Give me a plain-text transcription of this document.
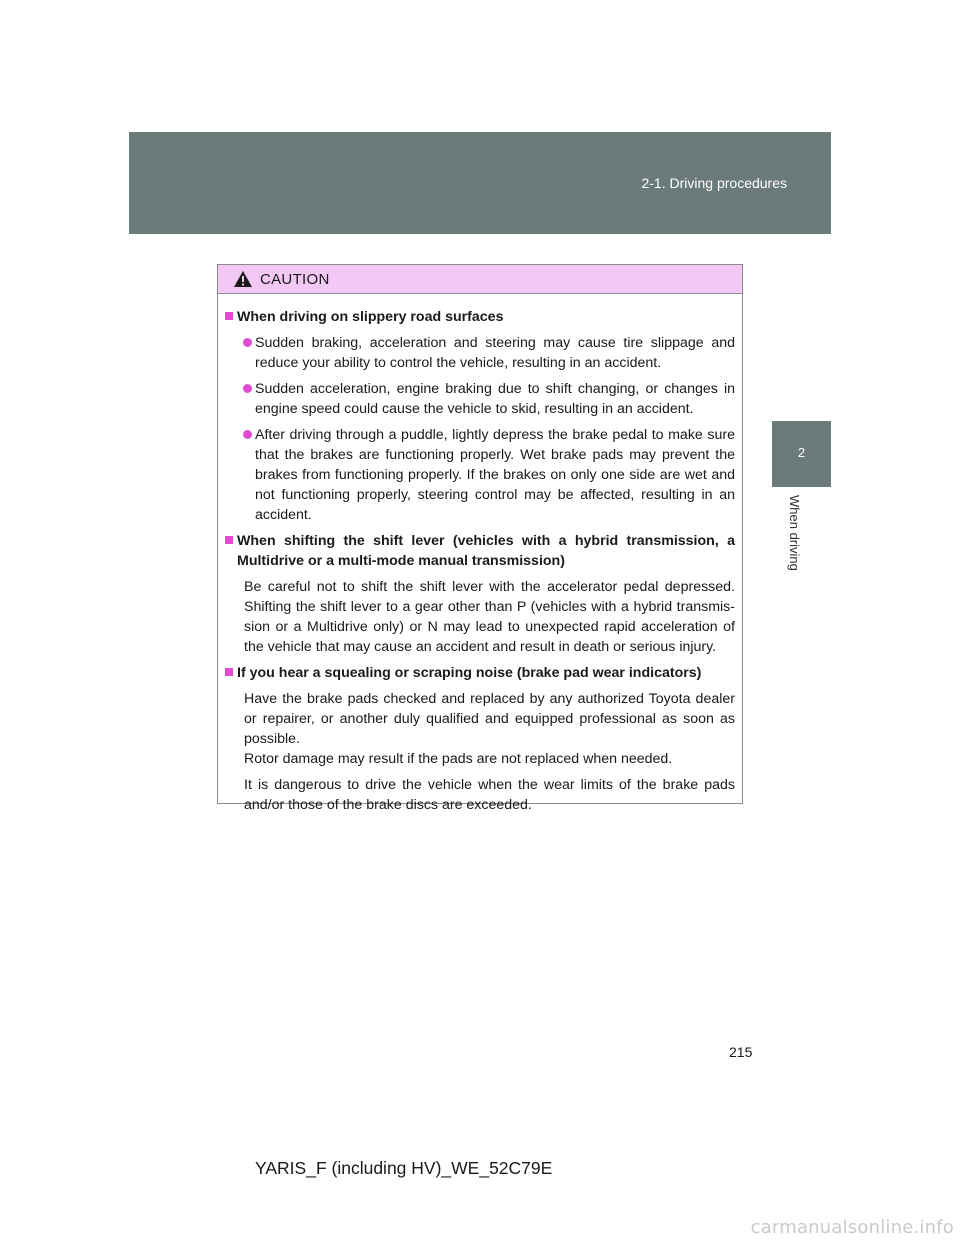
2-1. Driving procedures
2
When driving
CAUTION
When driving on slippery road surfaces
Sudden braking, acceleration and steering may cause tire slippage and reduce your ability to control the vehicle, resulting in an accident.
Sudden acceleration, engine braking due to shift changing, or changes in engine speed could cause the vehicle to skid, resulting in an accident.
After driving through a puddle, lightly depress the brake pedal to make sure that the brakes are functioning properly. Wet brake pads may prevent the brakes from functioning properly. If the brakes on only one side are wet and not functioning properly, steering control may be affected, resulting in an accident.
When shifting the shift lever (vehicles with a hybrid transmission, a Multidrive or a multi-mode manual transmission)
Be careful not to shift the shift lever with the accelerator pedal depressed. Shifting the shift lever to a gear other than P (vehicles with a hybrid transmis-sion or a Multidrive only) or N may lead to unexpected rapid acceleration of the vehicle that may cause an accident and result in death or serious injury.
If you hear a squealing or scraping noise (brake pad wear indicators)
Have the brake pads checked and replaced by any authorized Toyota dealer or repairer, or another duly qualified and equipped professional as soon as possible.
Rotor damage may result if the pads are not replaced when needed.
It is dangerous to drive the vehicle when the wear limits of the brake pads and/or those of the brake discs are exceeded.
215
YARIS_F (including HV)_WE_52C79E
carmanualsonline.info
